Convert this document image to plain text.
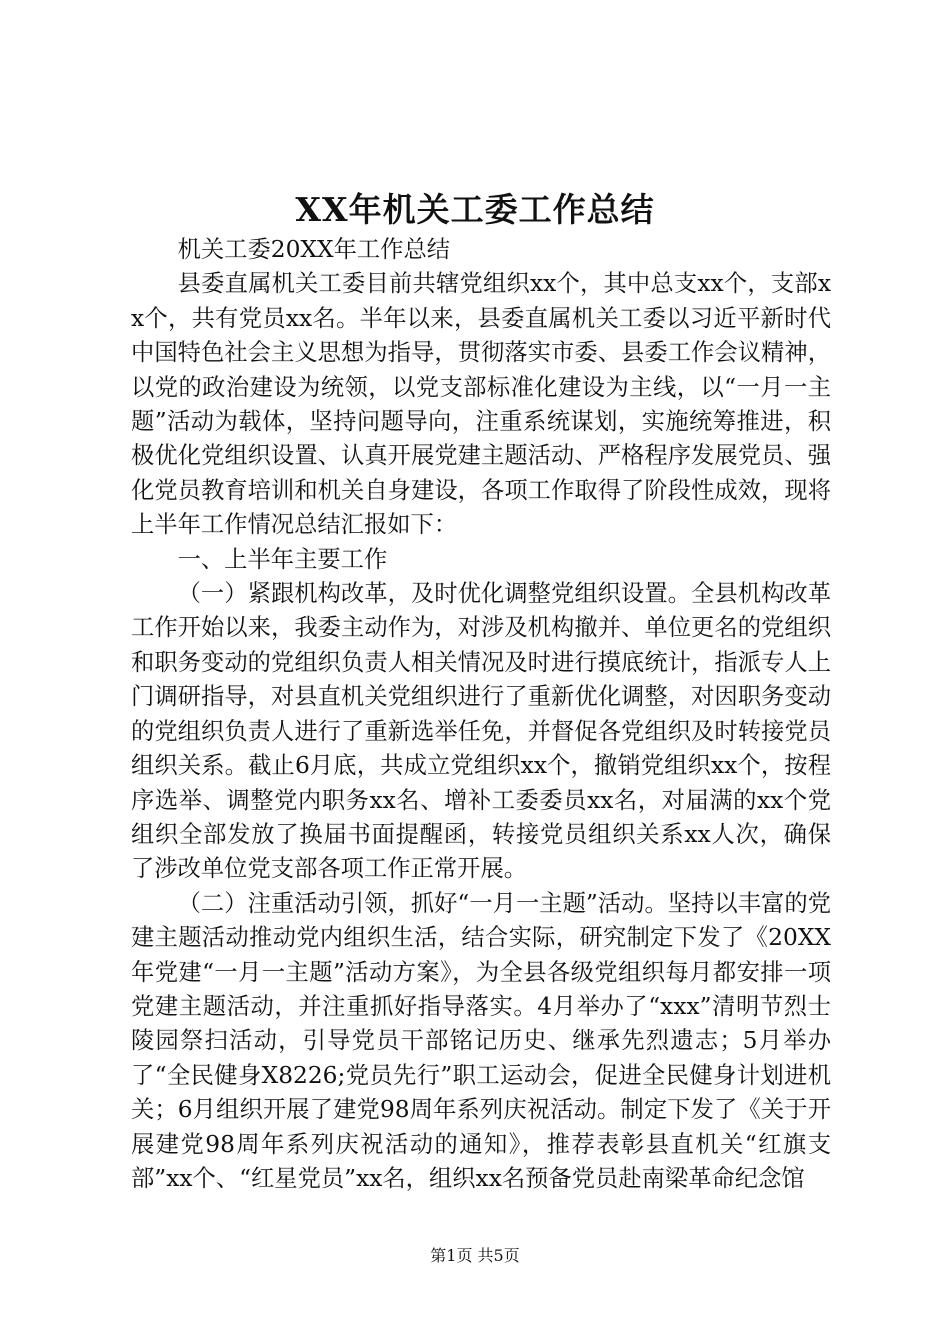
XX年机关工委工作总结

机关工委20XX年工作总结

县委直属机关工委目前共辖党组织xx个，其中总支xx个，支部xx个，共有党员xx名。半年以来，县委直属机关工委以习近平新时代中国特色社会主义思想为指导，贯彻落实市委、县委工作会议精神，以党的政治建设为统领，以党支部标准化建设为主线，以“一月一主题”活动为载体，坚持问题导向，注重系统谋划，实施统筹推进，积极优化党组织设置、认真开展党建主题活动、严格程序发展党员、强化党员教育培训和机关自身建设，各项工作取得了阶段性成效，现将上半年工作情况总结汇报如下：

一、上半年主要工作

（一）紧跟机构改革，及时优化调整党组织设置。全县机构改革工作开始以来，我委主动作为，对涉及机构撤并、单位更名的党组织和职务变动的党组织负责人相关情况及时进行摸底统计，指派专人上门调研指导，对县直机关党组织进行了重新优化调整，对因职务变动的党组织负责人进行了重新选举任免，并督促各党组织及时转接党员组织关系。截止6月底，共成立党组织xx个，撤销党组织xx个，按程序选举、调整党内职务xx名、增补工委委员xx名，对届满的xx个党组织全部发放了换届书面提醒函，转接党员组织关系xx人次，确保了涉改单位党支部各项工作正常开展。

（二）注重活动引领，抓好“一月一主题”活动。坚持以丰富的党建主题活动推动党内组织生活，结合实际，研究制定下发了《20XX年党建“一月一主题”活动方案》，为全县各级党组织每月都安排一项党建主题活动，并注重抓好指导落实。4月举办了“xxx”清明节烈士陵园祭扫活动，引导党员干部铭记历史、继承先烈遗志；5月举办了“全民健身X8226;党员先行”职工运动会，促进全民健身计划进机关；6月组织开展了建党98周年系列庆祝活动。制定下发了《关于开展建党98周年系列庆祝活动的通知》，推荐表彰县直机关“红旗支部”xx个、“红星党员”xx名，组织xx名预备党员赴南梁革命纪念馆

第1页 共5页
